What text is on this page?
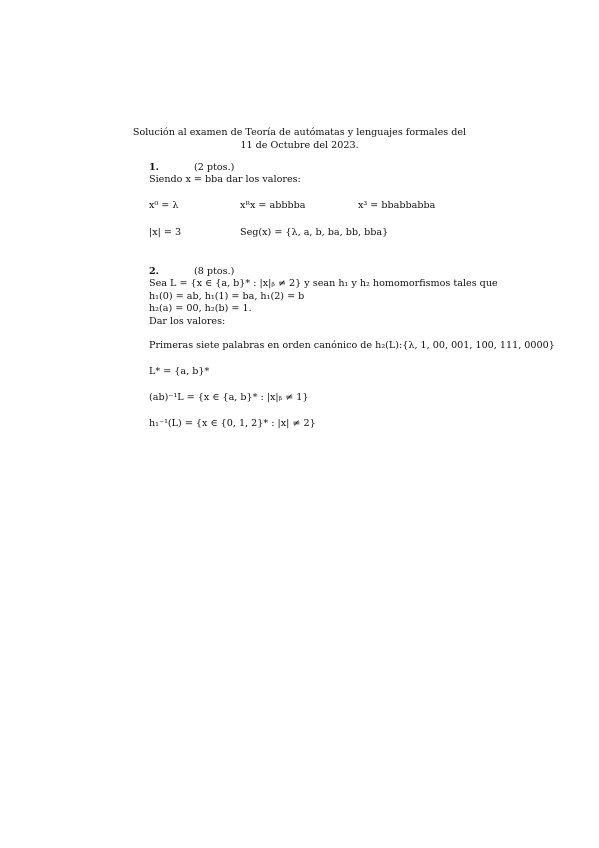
Solución al examen de Teoría de autómatas y lenguajes formales del
11 de Octubre del 2023.
1.	(2 ptos.)
Siendo x = bba dar los valores:
x⁰ = λ	xᴿx = abbbba	x³ = bbabbabba
|x| = 3	Seg(x) = {λ, a, b, ba, bb, bba}
2.	(8 ptos.)
Sea L = {x ∈ {a, b}* : |x|ᵦ ≠ 2} y sean h₁ y h₂ homomorfismos tales que
h₁(0) = ab, h₁(1) = ba, h₁(2) = b
h₂(a) = 00, h₂(b) = 1.
Dar los valores:
Primeras siete palabras en orden canónico de h₂(L):{λ, 1, 00, 001, 100, 111, 0000}
L* = {a, b}*
(ab)⁻¹L = {x ∈ {a, b}* : |x|ᵦ ≠ 1}
h₁⁻¹(L) = {x ∈ {0, 1, 2}* : |x| ≠ 2}
